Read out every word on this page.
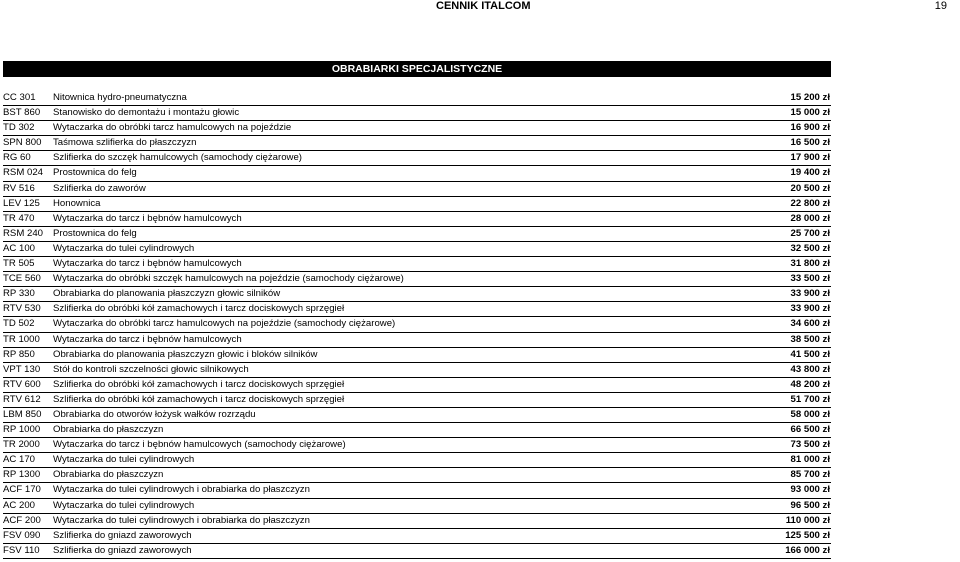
CENNIK ITALCOM	19
OBRABIARKI SPECJALISTYCZNE
CC 301 Nitownica hydro-pneumatyczna	15 200 zł
BST 860 Stanowisko do demontażu i montażu głowic	15 000 zł
TD 302 Wytaczarka do obróbki tarcz hamulcowych na pojeździe	16 900 zł
SPN 800 Taśmowa szlifierka do płaszczyzn	16 500 zł
RG 60 Szlifierka do szczęk hamulcowych (samochody ciężarowe)	17 900 zł
RSM 024 Prostownica do felg	19 400 zł
RV 516 Szlifierka do zaworów	20 500 zł
LEV 125 Honownica	22 800 zł
TR 470 Wytaczarka do tarcz i bębnów hamulcowych	28 000 zł
RSM 240 Prostownica do felg	25 700 zł
AC 100 Wytaczarka do tulei cylindrowych	32 500 zł
TR 505 Wytaczarka do tarcz i bębnów hamulcowych	31 800 zł
TCE 560 Wytaczarka do obróbki szczęk hamulcowych na pojeździe (samochody ciężarowe)	33 500 zł
RP 330 Obrabiarka do planowania płaszczyzn głowic silników	33 900 zł
RTV 530 Szlifierka do obróbki kół zamachowych i tarcz dociskowych sprzęgieł	33 900 zł
TD 502 Wytaczarka do obróbki tarcz hamulcowych na pojeździe (samochody ciężarowe)	34 600 zł
TR 1000 Wytaczarka do tarcz i bębnów hamulcowych	38 500 zł
RP 850 Obrabiarka do planowania płaszczyzn głowic i bloków silników	41 500 zł
VPT 130 Stół do kontroli szczelności głowic silnikowych	43 800 zł
RTV 600 Szlifierka do obróbki kół zamachowych i tarcz dociskowych sprzęgieł	48 200 zł
RTV 612 Szlifierka do obróbki kół zamachowych i tarcz dociskowych sprzęgieł	51 700 zł
LBM 850 Obrabiarka do otworów łożysk wałków rozrządu	58 000 zł
RP 1000 Obrabiarka do płaszczyzn	66 500 zł
TR 2000 Wytaczarka do tarcz i bębnów hamulcowych (samochody ciężarowe)	73 500 zł
AC 170 Wytaczarka do tulei cylindrowych	81 000 zł
RP 1300 Obrabiarka do płaszczyzn	85 700 zł
ACF 170 Wytaczarka do tulei cylindrowych i obrabiarka do płaszczyzn	93 000 zł
AC 200 Wytaczarka do tulei cylindrowych	96 500 zł
ACF 200 Wytaczarka do tulei cylindrowych i obrabiarka do płaszczyzn	110 000 zł
FSV 090 Szlifierka do gniazd zaworowych	125 500 zł
FSV 110 Szlifierka do gniazd zaworowych	166 000 zł
